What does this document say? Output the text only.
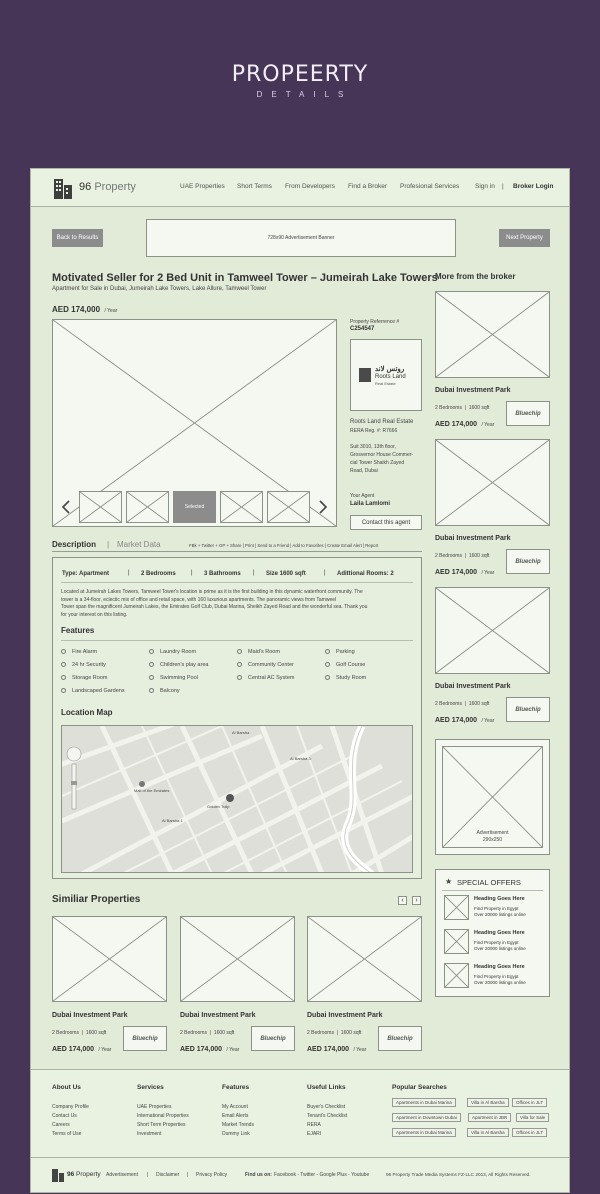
PROPEERTY
DETAILS
96 Property	UAE Properties Short Terms From Developers Find a Broker Profesional Services Sign in | Broker Login
Back to Results	728x90 Advertisement Banner	Next Property
Motivated Seller for 2 Bed Unit in Tamweel Tower – Jumeirah Lake Towers
Apartment for Sale in Dubai, Jumeirah Lake Towers, Lake Allure, Tamweel Tower
AED 174,000 / Year
Selected
Property Referrence #
C254547
روتس لاند
Roots Land
Real Estate
Roots Land Real Estate
RERA Reg. #: R7666
Suit 3010, 13th floor,
Grosvernor House Commer-
cial Tower Shaikh Zayed
Road, Dubai
Your Agent
Laila Lamlomi
Contact this agent
Description | Market Data	FBk + Twitter + GP + Share | Print | Send to a Friend | Add to Favorites | Create Email Alert | Report
Type: Apartment	| 2 Bedrooms	| 3 Bathrooms | Size 1600 sqft	| Adittional Rooms: 2
Located at Jumeirah Lakes Towers, Tamweel Tower's location is prime as it is the first building in this dynamic waterfront community. The
tower is a 34-floor, eclectic mix of office and retail space, with 160 luxurious apartments. The panoramic views from Tamweel
Tower span the magnificent Jumeirah Lakes, the Emirates Golf Club, Dubai Marina, Sheikh Zayed Road and the wonderful sea. Thank you
for your interest on this listing.
Features
Fire Alarm	Laundry Room	Maid's Room	Parking
24 hr Security	Children's play area	Community Center	Golf Course
Storage Room	Swimming Pool	Central AC System	Study Room
Landscaped Gardens	Balcony
Location Map
Al Barsha
Al Barsha 3
Golden Tulip
Al Barsha 1
Mall of the Emirates
Similiar Properties	‹	›
Dubai Investment Park
2 Bedrooms  |  1600 sqft
AED 174,000 / Year
Bluechip
Dubai Investment Park
2 Bedrooms  |  1600 sqft
AED 174,000 / Year
Bluechip
Dubai Investment Park
2 Bedrooms  |  1600 sqft
AED 174,000 / Year
Bluechip
More from the broker
Dubai Investment Park
2 Bedrooms  |  1600 sqft
AED 174,000 / Year
Bluechip
Dubai Investment Park
2 Bedrooms  |  1600 sqft
AED 174,000 / Year
Bluechip
Dubai Investment Park
2 Bedrooms  |  1600 sqft
AED 174,000 / Year
Bluechip
Advertisement
290x250
★ SPECIAL OFFERS
Heading Goes Here
Find Property in Egypt
Over 20000 listings online
Heading Goes Here
Find Property in Egypt
Over 20000 listings online
Heading Goes Here
Find Property in Egypt
Over 20000 listings online
About Us
Company Profile
Contact Us
Careers
Terms of Use
Services
UAE Properties
International Properties
Short Term Properties
Investment
Features
My Account
Email Alerts
Market Trends
Dummy Link
Useful Links
Buyer's Checklist
Tenant's Checklist
RERA
EJARI
Popular Searches
Apartments in Dubai Marina	Villa in Al Barsha	Offices in JLT
Apartment in Downtown Dubai	Apartment in JBR	Villa for Sale
Apartments in Dubai Marina	Villa in Al Barsha	Offices in JLT
96 Property Advertisement | Disclaimer | Privacy Policy	Find us on: Facebook - Twitter - Google Plus - Youtube	96 Property Trade Media Systems FZ-LLC 2013, All Rights Reserved.
